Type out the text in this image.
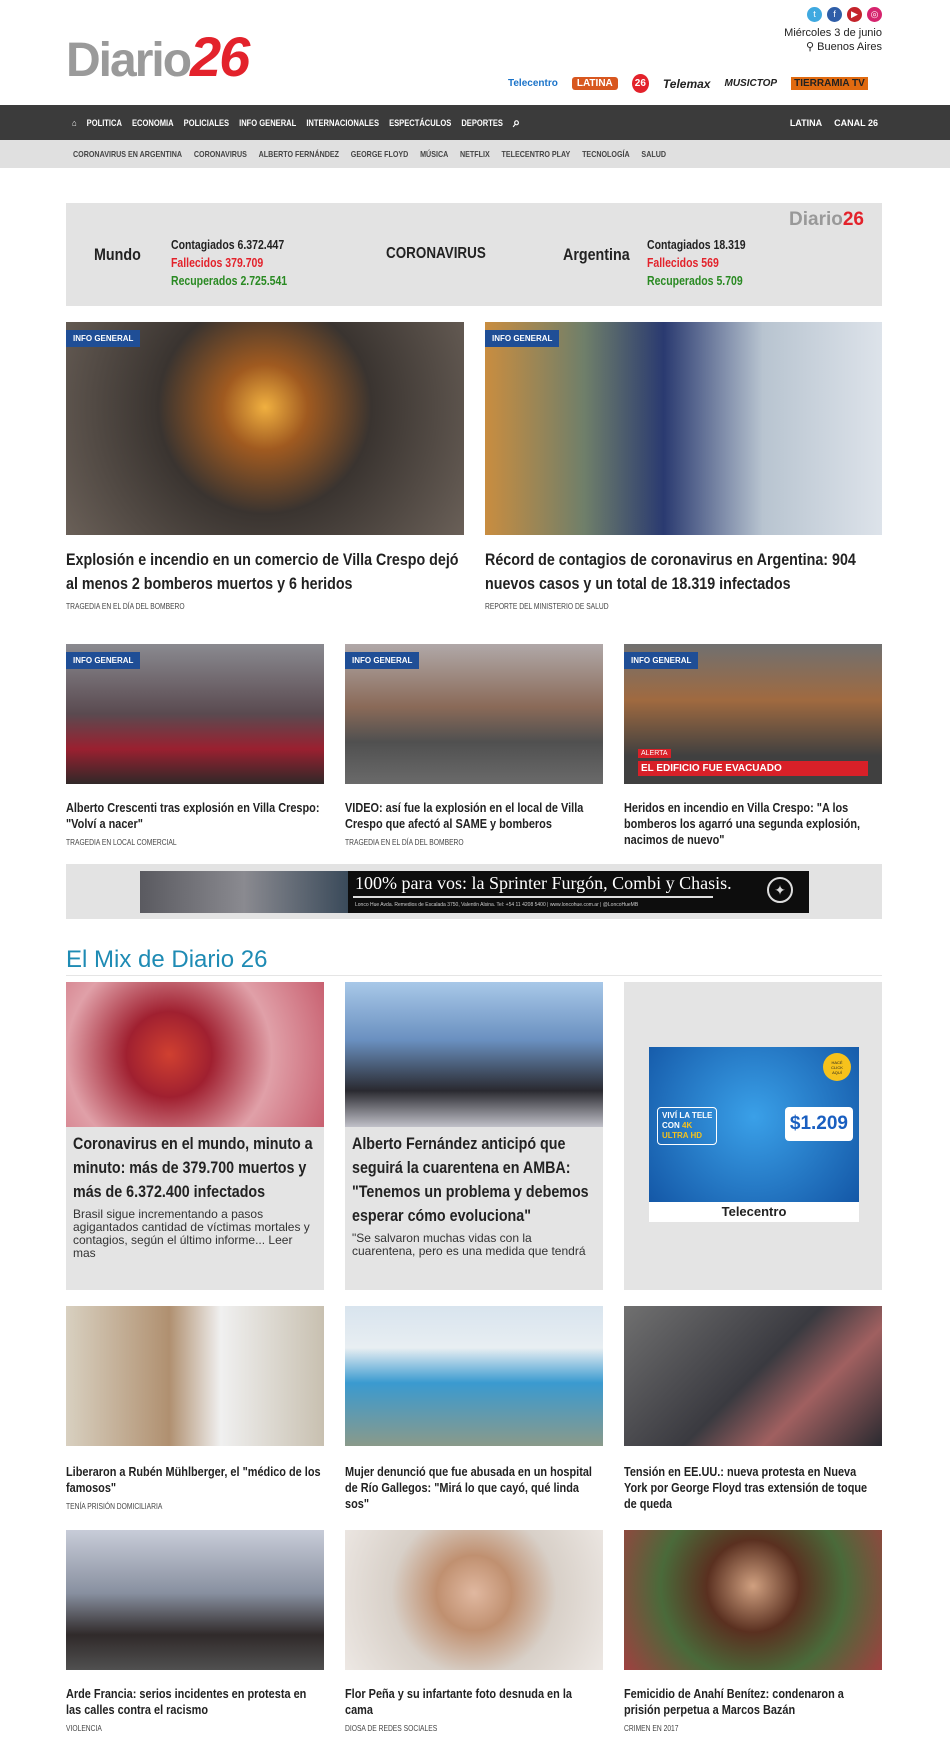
Diario26
t	f	▶	◎
Miércoles 3 de junio
⚲ Buenos Aires
Telecentro	LATINA	26 Telemax MUSICTOP	TIERRAMIA TV
⌂ POLITICA ECONOMIA POLICIALES INFO GENERAL INTERNACIONALES ESPECTÁCULOS DEPORTES ⌕	LATINA CANAL 26
CORONAVIRUS EN ARGENTINA CORONAVIRUS ALBERTO FERNÁNDEZ GEORGE FLOYD MÚSICA NETFLIX TELECENTRO PLAY TECNOLOGÍA SALUD
Mundo Contagiados 6.372.447
Fallecidos 379.709
Recuperados 2.725.541
CORONAVIRUS	Argentina Contagiados 18.319
Fallecidos 569
Recuperados 5.709
Diario26
INFO GENERAL
Explosión e incendio en un comercio de Villa Crespo dejó al menos 2 bomberos muertos y 6 heridos
TRAGEDIA EN EL DÍA DEL BOMBERO
INFO GENERAL
Récord de contagios de coronavirus en Argentina: 904 nuevos casos y un total de 18.319 infectados
REPORTE DEL MINISTERIO DE SALUD
INFO GENERAL
Alberto Crescenti tras explosión en Villa Crespo: "Volví a nacer"
TRAGEDIA EN LOCAL COMERCIAL
INFO GENERAL
VIDEO: así fue la explosión en el local de Villa Crespo que afectó al SAME y bomberos
TRAGEDIA EN EL DÍA DEL BOMBERO
INFO GENERAL
ALERTA
EL EDIFICIO FUE EVACUADO
Heridos en incendio en Villa Crespo: "A los bomberos los agarró una segunda explosión, nacimos de nuevo"
100% para vos: la Sprinter Furgón, Combi y Chasis.
Lonco Hue Avda. Remedios de Escalada 3750, Valentín Alsina. Tel: +54 11 4208 5400 | www.loncohue.com.ar | @LoncoHueMB
✦
El Mix de Diario 26
Coronavirus en el mundo, minuto a minuto: más de 379.700 muertos y más de 6.372.400 infectados
Brasil sigue incrementando a pasos agigantados cantidad de víctimas mortales y contagios, según el último informe... Leer mas
Alberto Fernández anticipó que seguirá la cuarentena en AMBA: "Tenemos un problema y debemos esperar cómo evoluciona"
"Se salvaron muchas vidas con la cuarentena, pero es una medida que tendrá
HACÉ CLICK AQUÍ
VIVÍ LA TELE
CON 4K
ULTRA HD
$1.209
Telecentro
Liberaron a Rubén Mühlberger, el "médico de los famosos"
TENÍA PRISIÓN DOMICILIARIA
Mujer denunció que fue abusada en un hospital de Río Gallegos: "Mirá lo que cayó, qué linda sos"
Tensión en EE.UU.: nueva protesta en Nueva York por George Floyd tras extensión de toque de queda
Arde Francia: serios incidentes en protesta en las calles contra el racismo
VIOLENCIA
Flor Peña y su infartante foto desnuda en la cama
DIOSA DE REDES SOCIALES
Femicidio de Anahí Benítez: condenaron a prisión perpetua a Marcos Bazán
CRIMEN EN 2017
